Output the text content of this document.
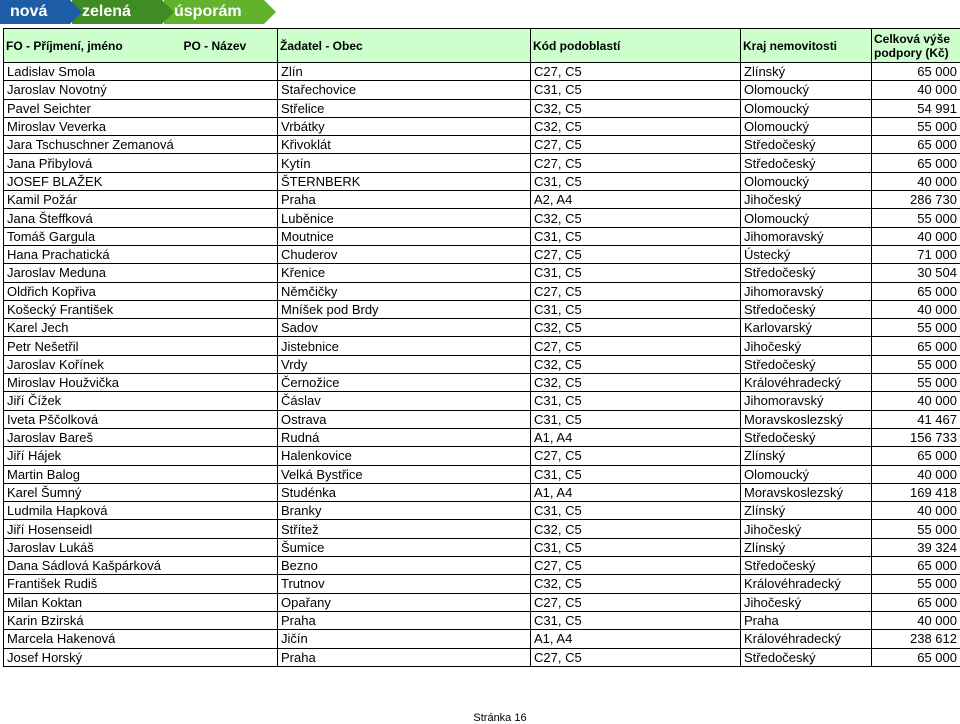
nová	zelená	úsporám
FO - Příjmení, jméno	PO - Název	Žadatel - Obec	Kód podoblastí	Kraj nemovitosti	Celková výše podpory (Kč)
Ladislav Smola		Zlín	C27, C5	Zlínský	65 000
Jaroslav Novotný		Stařechovice	C31, C5	Olomoucký	40 000
Pavel Seichter		Střelice	C32, C5	Olomoucký	54 991
Miroslav Veverka		Vrbátky	C32, C5	Olomoucký	55 000
Jara Tschuschner Zemanová		Křivoklát	C27, C5	Středočeský	65 000
Jana Přibylová		Kytín	C27, C5	Středočeský	65 000
JOSEF BLAŽEK		ŠTERNBERK	C31, C5	Olomoucký	40 000
Kamil Požár		Praha	A2, A4	Jihočeský	286 730
Jana Šteffková		Luběnice	C32, C5	Olomoucký	55 000
Tomáš Gargula		Moutnice	C31, C5	Jihomoravský	40 000
Hana Prachatická		Chuderov	C27, C5	Ústecký	71 000
Jaroslav Meduna		Křenice	C31, C5	Středočeský	30 504
Oldřich Kopřiva		Němčičky	C27, C5	Jihomoravský	65 000
Košecký František		Mníšek pod Brdy	C31, C5	Středočeský	40 000
Karel Jech		Sadov	C32, C5	Karlovarský	55 000
Petr Nešetřil		Jistebnice	C27, C5	Jihočeský	65 000
Jaroslav Kořínek		Vrdy	C32, C5	Středočeský	55 000
Miroslav Houžvička		Černožice	C32, C5	Královéhradecký	55 000
Jiří Čížek		Čáslav	C31, C5	Jihomoravský	40 000
Iveta Pščolková		Ostrava	C31, C5	Moravskoslezský	41 467
Jaroslav Bareš		Rudná	A1, A4	Středočeský	156 733
Jiří Hájek		Halenkovice	C27, C5	Zlínský	65 000
Martin Balog		Velká Bystřice	C31, C5	Olomoucký	40 000
Karel Šumný		Studénka	A1, A4	Moravskoslezský	169 418
Ludmila Hapková		Branky	C31, C5	Zlínský	40 000
Jiří Hosenseidl		Střítež	C32, C5	Jihočeský	55 000
Jaroslav Lukáš		Šumice	C31, C5	Zlínský	39 324
Dana Sádlová Kašpárková		Bezno	C27, C5	Středočeský	65 000
František Rudiš		Trutnov	C32, C5	Královéhradecký	55 000
Milan Koktan		Opařany	C27, C5	Jihočeský	65 000
Karin Bzirská		Praha	C31, C5	Praha	40 000
Marcela Hakenová		Jičín	A1, A4	Královéhradecký	238 612
Josef Horský		Praha	C27, C5	Středočeský	65 000
Stránka 16
